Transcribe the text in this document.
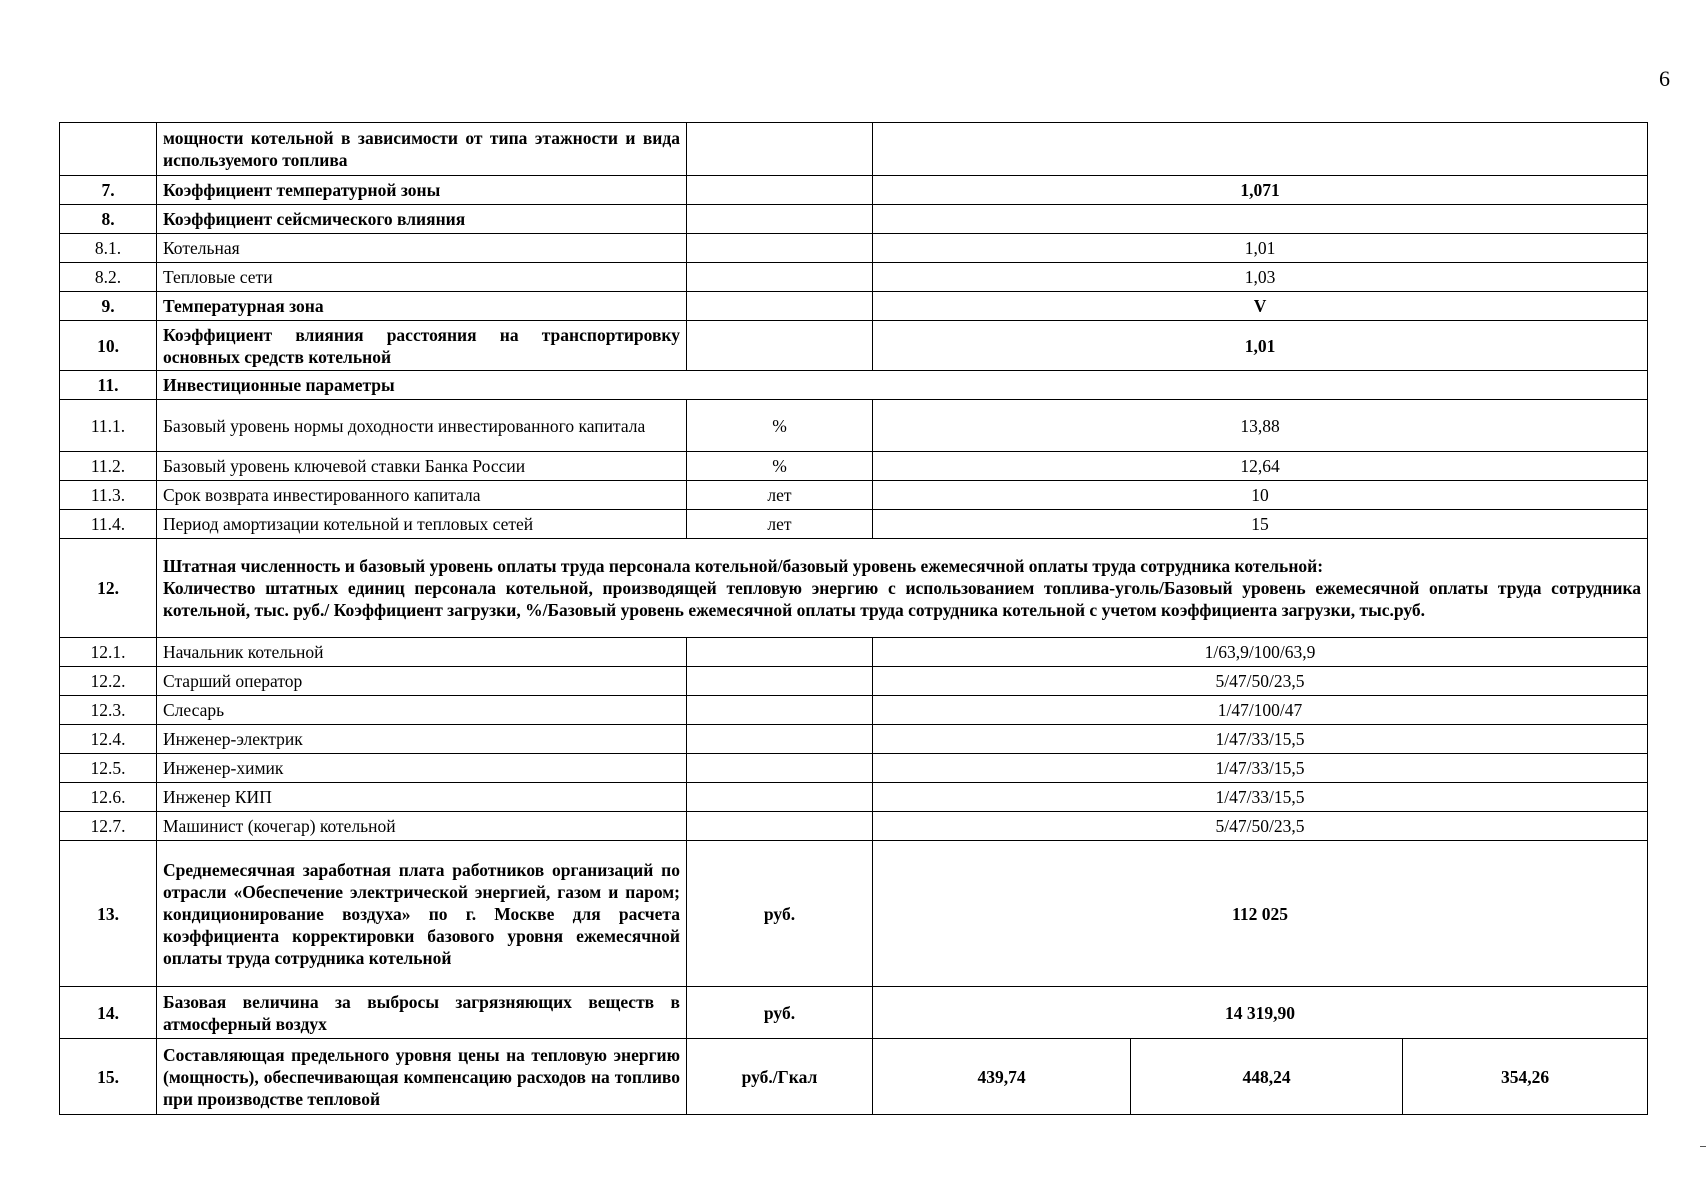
6
	мощности котельной в зависимости от типа этажности и вида используемого топлива				
7.	Коэффициент температурной зоны		1,071		
8.	Коэффициент сейсмического влияния				
8.1.	Котельная		1,01		
8.2.	Тепловые сети		1,03		
9.	Температурная зона		V		
10.	Коэффициент влияния расстояния на транспортировку основных средств котельной		1,01		
11.	Инвестиционные параметры				
11.1.	Базовый уровень нормы доходности инвестированного капитала	%	13,88		
11.2.	Базовый уровень ключевой ставки Банка России	%	12,64		
11.3.	Срок возврата инвестированного капитала	лет	10		
11.4.	Период амортизации котельной и тепловых сетей	лет	15		
12.	Штатная численность и базовый уровень оплаты труда персонала котельной/базовый уровень ежемесячной оплаты труда сотрудника котельной:
Количество штатных единиц персонала котельной, производящей тепловую энергию с использованием топлива-уголь/Базовый уровень ежемесячной оплаты труда сотрудника котельной, тыс. руб./ Коэффициент загрузки, %/Базовый уровень ежемесячной оплаты труда сотрудника котельной с учетом коэффициента загрузки, тыс.руб.				

12.1.	Начальник котельной		1/63,9/100/63,9		
12.2.	Старший оператор		5/47/50/23,5		
12.3.	Слесарь		1/47/100/47		
12.4.	Инженер-электрик		1/47/33/15,5		
12.5.	Инженер-химик		1/47/33/15,5		
12.6.	Инженер КИП		1/47/33/15,5		
12.7.	Машинист (кочегар) котельной		5/47/50/23,5		
13.	Среднемесячная заработная плата работников организаций по отрасли «Обеспечение электрической энергией, газом и паром; кондиционирование воздуха» по г. Москве для расчета коэффициента корректировки базового уровня ежемесячной оплаты труда сотрудника котельной	руб.	112 025		
14.	Базовая величина за выбросы загрязняющих веществ в атмосферный воздух	руб.	14 319,90		
15.	Составляющая предельного уровня цены на тепловую энергию (мощность), обеспечивающая компенсацию расходов на топливо при производстве тепловой	руб./Гкал	439,74	448,24	354,26
